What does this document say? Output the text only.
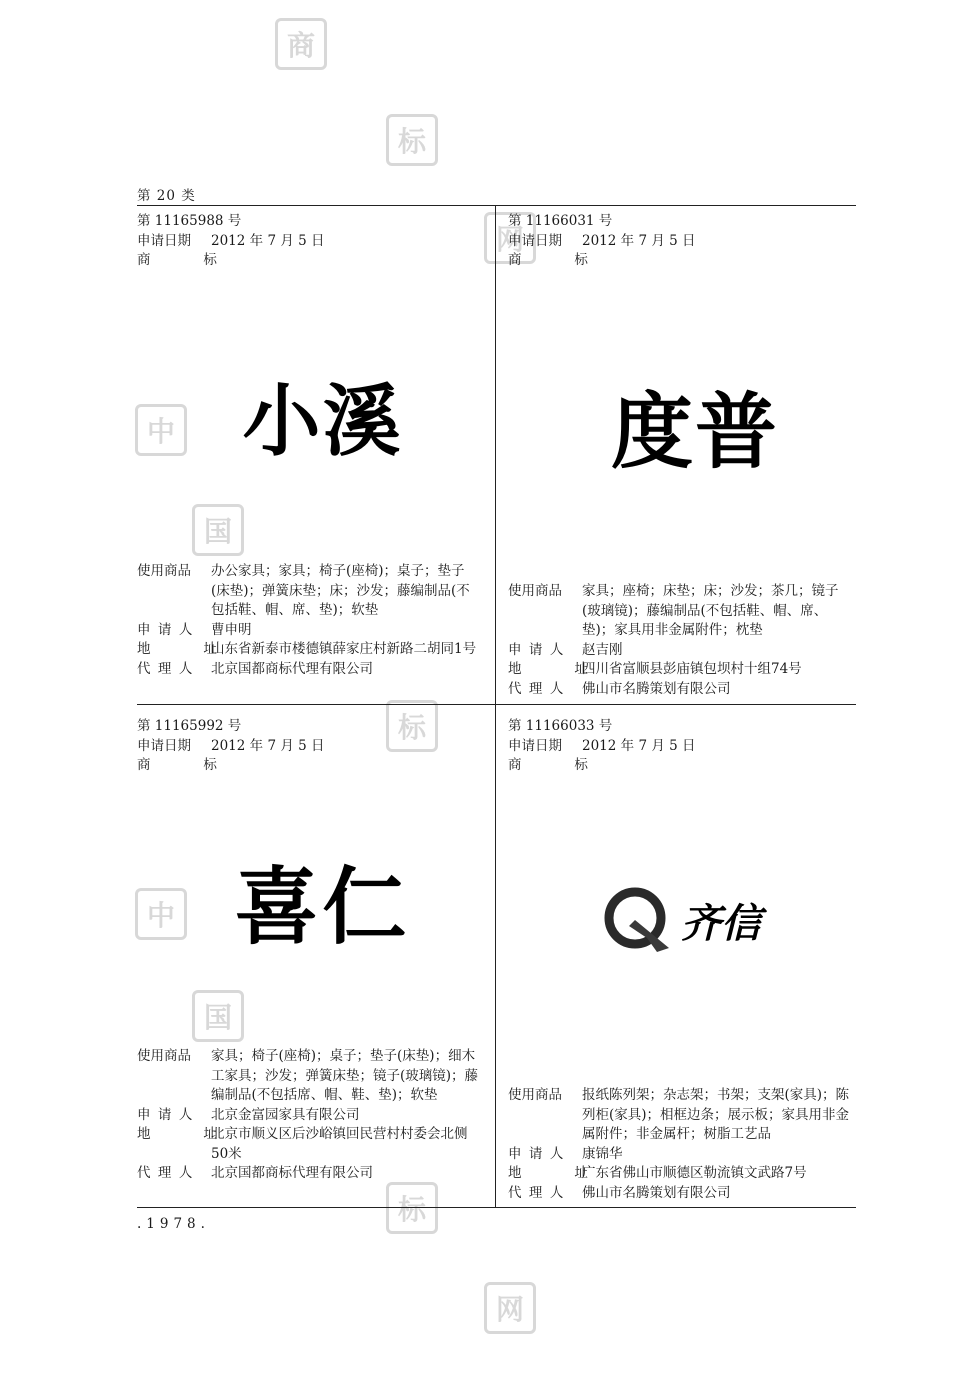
商
标
中
国
网
标
中
国
标
网
第 20 类
第 11165988 号
申请日期	2012 年 7 月 5 日
商 标
小溪
使用商品	办公家具；家具；椅子(座椅)；桌子；垫子(床垫)；弹簧床垫；床；沙发；藤编制品(不包括鞋、帽、席、垫)；软垫
申请人 曹申明
地 址
山东省新泰市楼德镇薛家庄村新路二胡同1号
代理人 北京国都商标代理有限公司
第 11166031 号
申请日期	2012 年 7 月 5 日
商 标
度普
使用商品	家具；座椅；床垫；床；沙发；茶几；镜子(玻璃镜)；藤编制品(不包括鞋、帽、席、垫)；家具用非金属附件；枕垫
申请人 赵吉刚
地 址
四川省富顺县彭庙镇包坝村十组74号
代理人 佛山市名腾策划有限公司
第 11165992 号
申请日期	2012 年 7 月 5 日
商 标
喜仁
使用商品	家具；椅子(座椅)；桌子；垫子(床垫)；细木工家具；沙发；弹簧床垫；镜子(玻璃镜)；藤编制品(不包括席、帽、鞋、垫)；软垫
申请人 北京金富园家具有限公司
地 址
北京市顺义区后沙峪镇回民营村村委会北侧50米
代理人 北京国都商标代理有限公司
第 11166033 号
申请日期	2012 年 7 月 5 日
商 标
齐信
使用商品	报纸陈列架；杂志架；书架；支架(家具)；陈列柜(家具)；相框边条；展示板；家具用非金属附件；非金属杆；树脂工艺品
申请人 康锦华
地 址
广东省佛山市顺德区勒流镇文武路7号
代理人 佛山市名腾策划有限公司
.1978.
